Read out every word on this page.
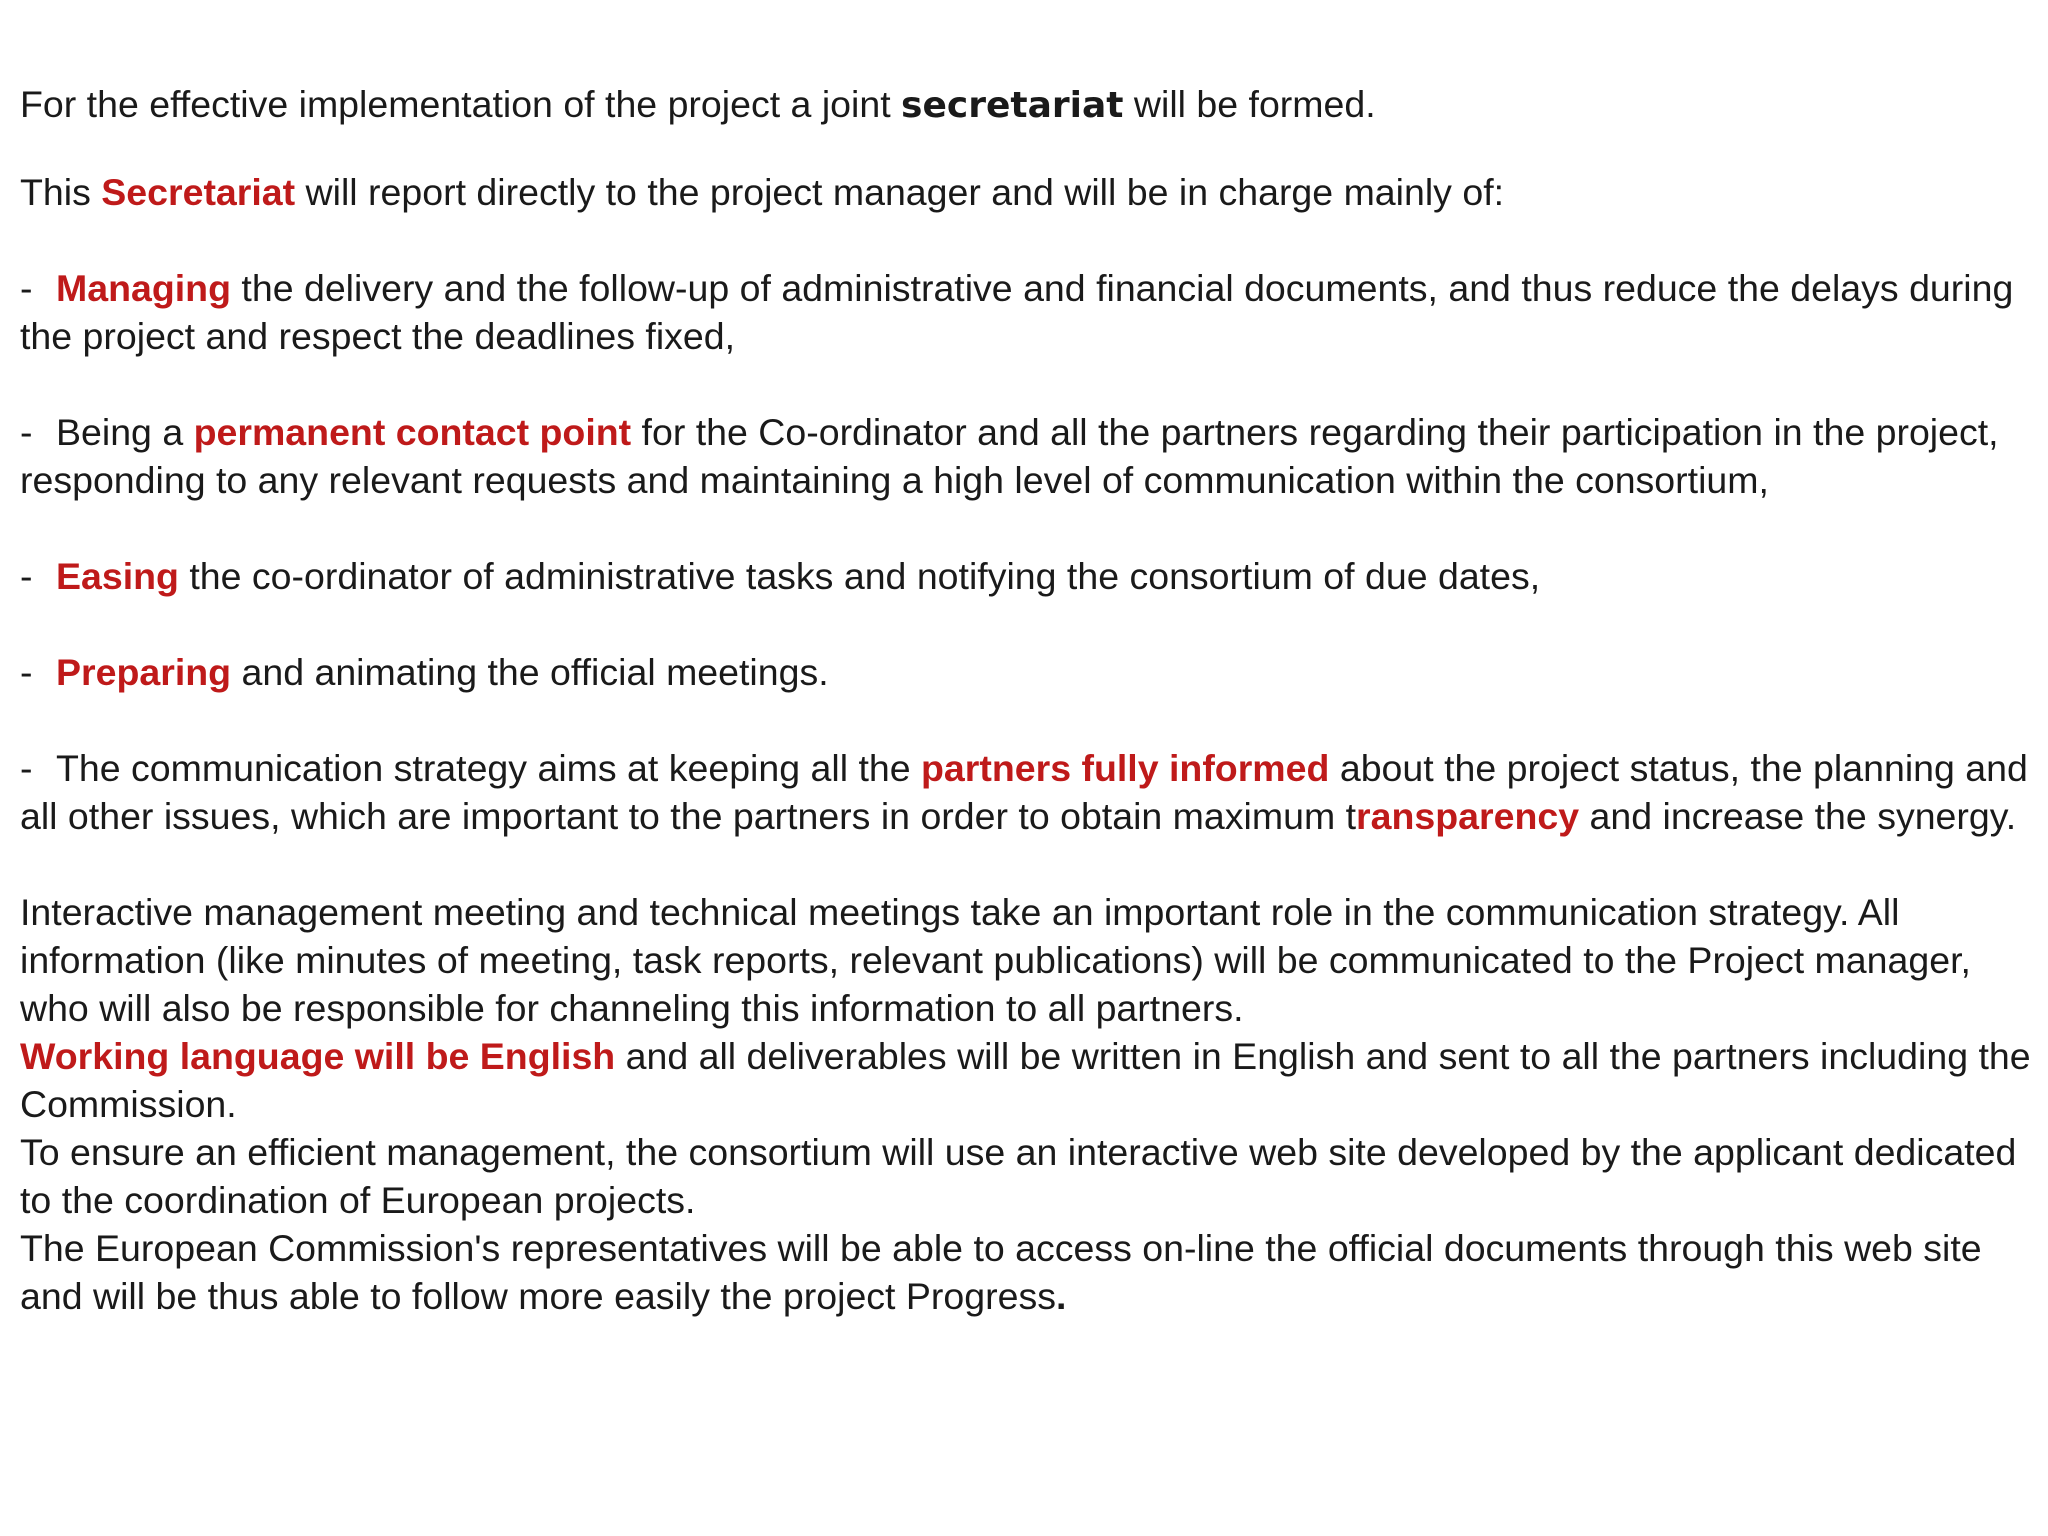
For the effective implementation of the project a joint secretariat will be formed.

This Secretariat will report directly to the project manager and will be in charge mainly of:

- Managing the delivery and the follow-up of administrative and financial documents, and thus reduce the delays during the project and respect the deadlines fixed,

- Being a permanent contact point for the Co-ordinator and all the partners regarding their participation in the project, responding to any relevant requests and maintaining a high level of communication within the consortium,

- Easing the co-ordinator of administrative tasks and notifying the consortium of due dates,

- Preparing and animating the official meetings.

- The communication strategy aims at keeping all the partners fully informed about the project status, the planning and all other issues, which are important to the partners in order to obtain maximum transparency and increase the synergy.

Interactive management meeting and technical meetings take an important role in the communication strategy. All information (like minutes of meeting, task reports, relevant publications) will be communicated to the Project manager, who will also be responsible for channeling this information to all partners.

Working language will be English and all deliverables will be written in English and sent to all the partners including the Commission.

To ensure an efficient management, the consortium will use an interactive web site developed by the applicant dedicated to the coordination of European projects.

The European Commission's representatives will be able to access on-line the official documents through this web site and will be thus able to follow more easily the project Progress.
